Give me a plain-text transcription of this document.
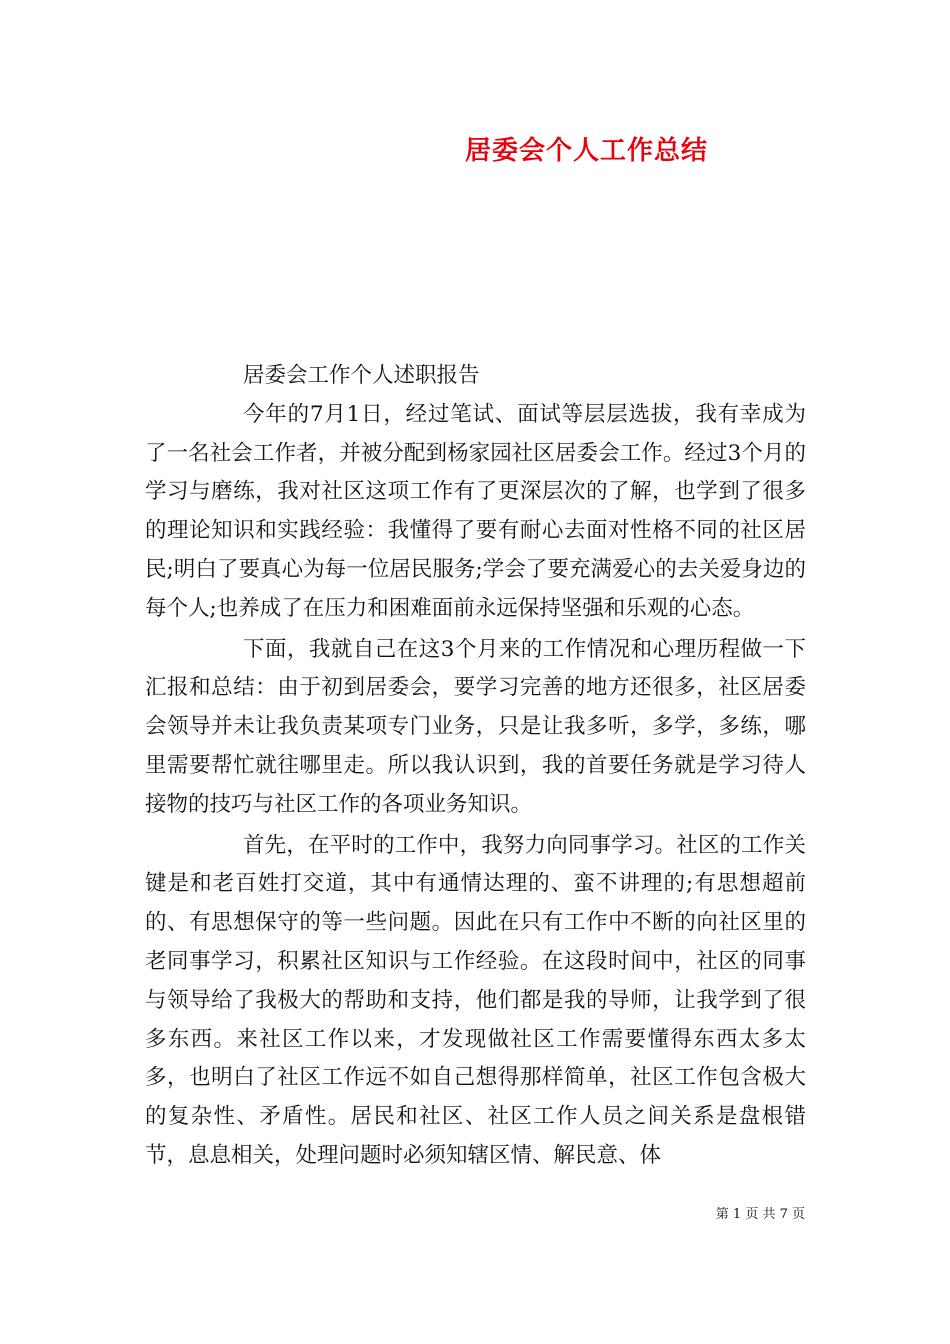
居委会个人工作总结

居委会工作个人述职报告

今年的7月1日，经过笔试、面试等层层选拔，我有幸成为了一名社会工作者，并被分配到杨家园社区居委会工作。经过3个月的学习与磨练，我对社区这项工作有了更深层次的了解，也学到了很多的理论知识和实践经验：我懂得了要有耐心去面对性格不同的社区居民;明白了要真心为每一位居民服务;学会了要充满爱心的去关爱身边的每个人;也养成了在压力和困难面前永远保持坚强和乐观的心态。

下面，我就自己在这3个月来的工作情况和心理历程做一下汇报和总结：由于初到居委会，要学习完善的地方还很多，社区居委会领导并未让我负责某项专门业务，只是让我多听，多学，多练，哪里需要帮忙就往哪里走。所以我认识到，我的首要任务就是学习待人接物的技巧与社区工作的各项业务知识。

首先，在平时的工作中，我努力向同事学习。社区的工作关键是和老百姓打交道，其中有通情达理的、蛮不讲理的;有思想超前的、有思想保守的等一些问题。因此在只有工作中不断的向社区里的老同事学习，积累社区知识与工作经验。在这段时间中，社区的同事与领导给了我极大的帮助和支持，他们都是我的导师，让我学到了很多东西。来社区工作以来，才发现做社区工作需要懂得东西太多太多，也明白了社区工作远不如自己想得那样简单，社区工作包含极大的复杂性、矛盾性。居民和社区、社区工作人员之间关系是盘根错节，息息相关，处理问题时必须知辖区情、解民意、体

第 1 页 共 7 页
